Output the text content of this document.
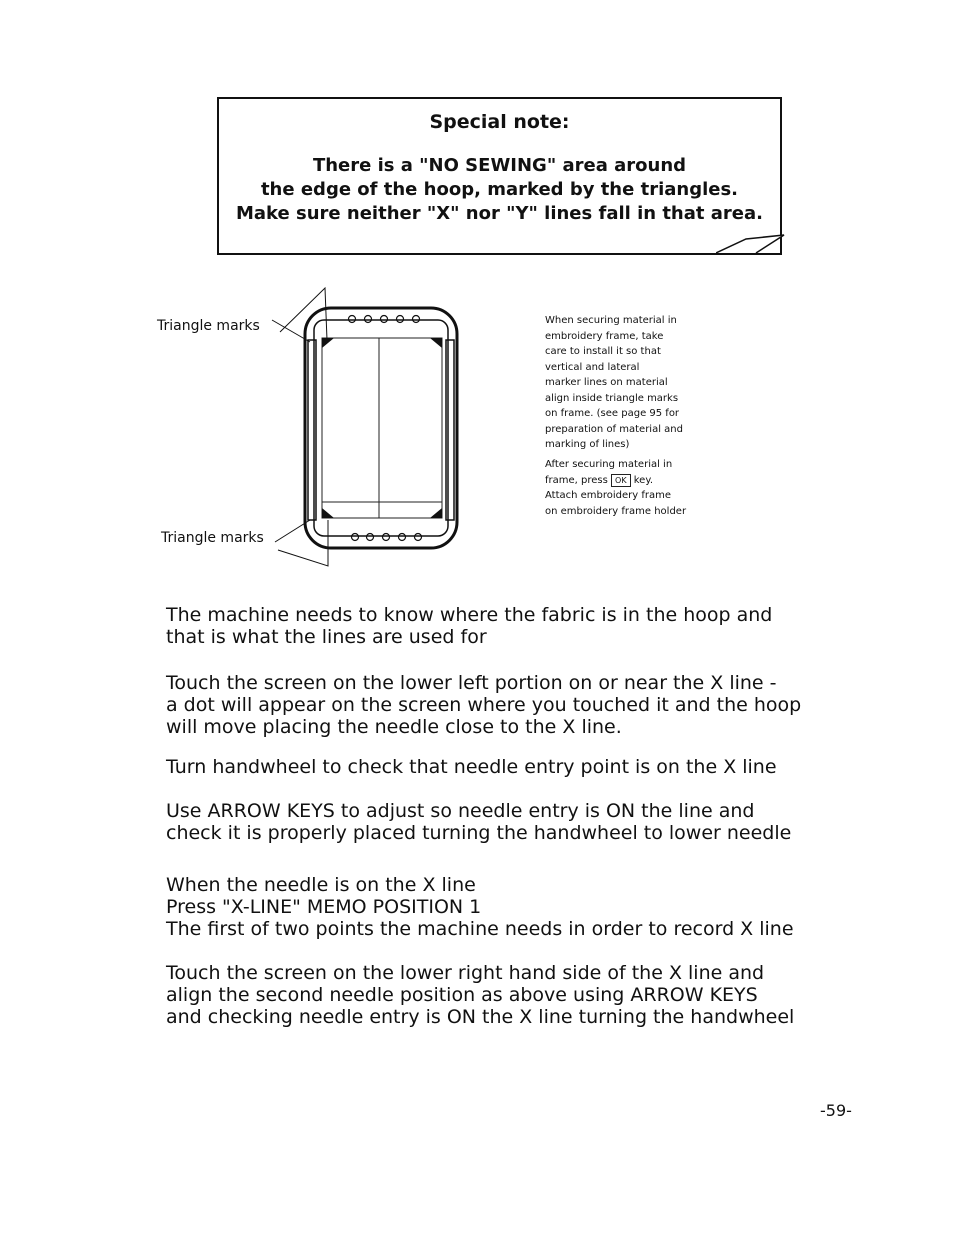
Special note:
There is a "NO SEWING" area around
the edge of the hoop, marked by the triangles.
Make sure neither "X" nor "Y" lines fall in that area.
Triangle marks
Triangle marks
When securing material in
embroidery frame, take
care to install it so that
vertical and lateral
marker lines on material
align inside triangle marks
on frame. (see page 95 for
preparation of material and
marking of lines)
After securing material in
frame, press OK key.
Attach embroidery frame
on embroidery frame holder
The machine needs to know where the fabric is in the hoop and
that is what the lines are used for
Touch the screen on the lower left portion on or near the X line -
a dot will appear on the screen where you touched it and the hoop
will move placing the needle close to the X line.
Turn handwheel to check that needle entry point is on the X line
Use ARROW KEYS to adjust so needle entry is ON the line and
check it is properly placed turning the handwheel to lower needle
When the needle is on the X line
Press "X-LINE" MEMO POSITION 1
The first of two points the machine needs in order to record X line
Touch the screen on the lower right hand side of the X line and
align the second needle position as above using ARROW KEYS
and checking needle entry is ON the X line turning the handwheel
-59-
